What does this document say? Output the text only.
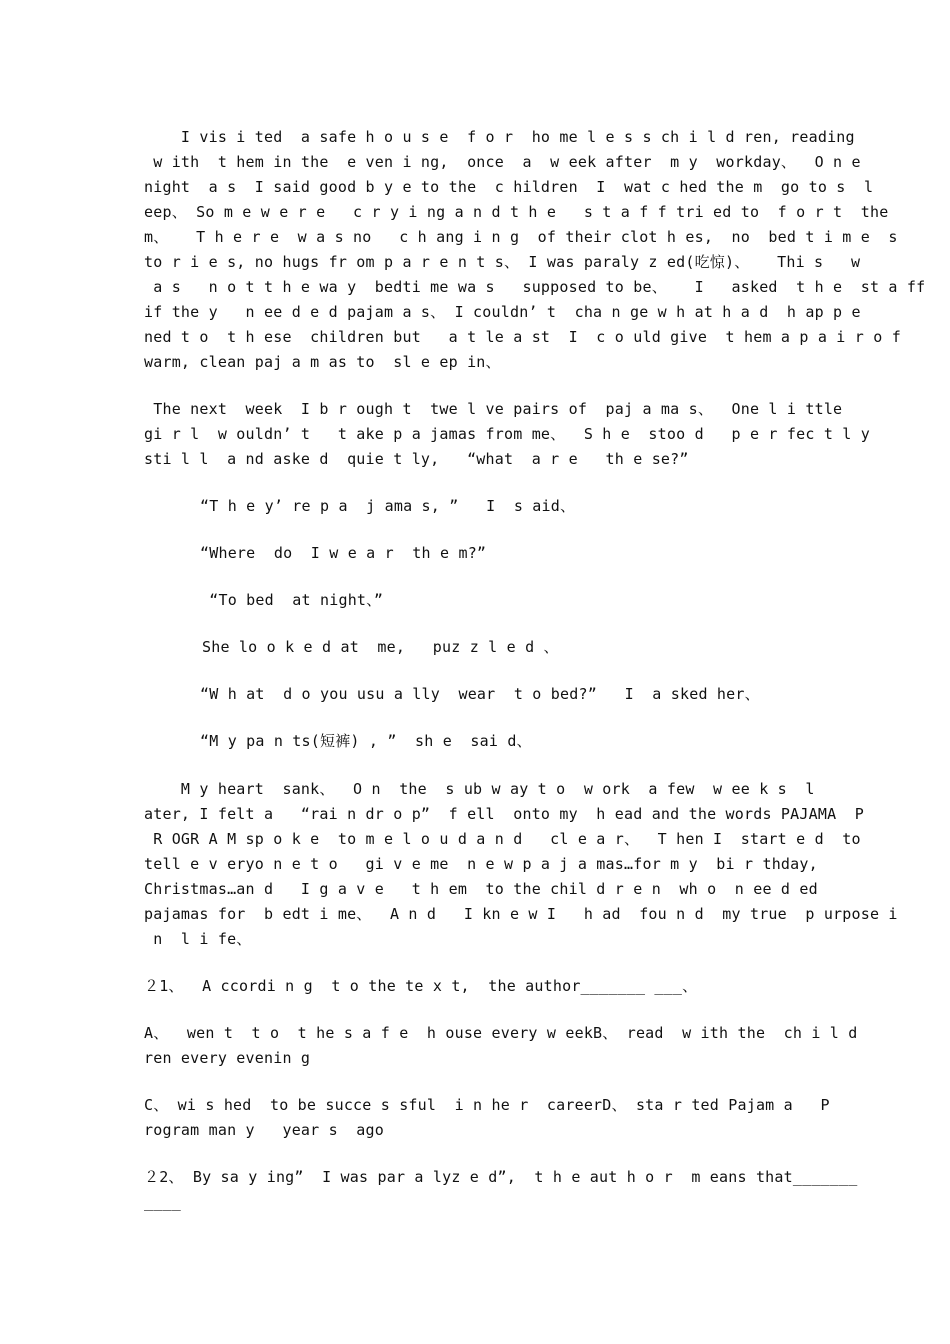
I vis i ted  a safe h o u s e  f o r  ho me l e s s ch i l d ren, reading
w ith  t hem in the  e ven i ng,  once  a  w eek after  m y  workday、  O n e
night  a s  I said good b y e to the  c hildren  I  wat c hed the m  go to s  l
eep、 So m e w e r e   c r y i ng a n d t h e   s t a f f tri ed to  f o r t  the
m、   T h e r e  w a s no   c h ang i n g  of their clot h es,  no  bed t i m e  s
to r i e s, no hugs fr om p a r e n t s、 I was paraly z ed(吃惊)、   Thi s   w
a s   n o t t h e wa y  bedti me wa s   supposed to be、   I   asked  t h e  st a ff
if the y   n ee d e d pajam a s、 I couldn’ t  cha n ge w h at h a d  h ap p e
ned t o  t h ese  children but   a t le a st  I  c o uld give  t hem a p a i r o f
warm, clean paj a m as to  sl e ep in、
The next  week  I b r ough t  twe l ve pairs of  paj a ma s、  One l i ttle
gi r l  w ouldn’ t   t ake p a jamas from me、  S h e  stoo d   p e r fec t l y
sti l l  a nd aske d  quie t ly,   “what  a r e   th e se?”
“T h e y’ re p a  j ama s, ”   I  s aid、
“Where  do  I w e a r  th e m?”
“To bed  at night、”
She lo o k e d at  me,   puz z l e d 、
“W h at  d o you usu a lly  wear  t o bed?”   I  a sked her、
“M y pa n ts(短裤) , ”  sh e  sai d、
M y heart  sank、  O n  the  s ub w ay t o  w ork  a few  w ee k s  l
ater, I felt a   “rai n dr o p”  f ell  onto my  h ead and the words PAJAMA  P
R OGR A M sp o k e  to m e l o u d a n d   cl e a r、  T hen I  start e d  to
tell e v eryo n e t o   gi v e me  n e w p a j a mas…for m y  bi r thday,
Christmas…an d   I g a v e   t h em  to the chil d r e n  wh o  n ee d ed
pajamas for  b edt i me、  A n d   I kn e w I   h ad  fou n d  my true  p urpose i
n  l i fe、
２1、  A ccordi n g  t o the te x t,  the author_______ ___、
A、  wen t  t o  t he s a f e  h ouse every w eekB、 read  w ith the  ch i l d
ren every evenin g
C、 wi s hed  to be succe s sful  i n he r  careerD、 sta r ted Pajam a   P
rogram man y   year s  ago
２2、 By sa y ing”  I was par a lyz e d”,  t h e aut h o r  m eans that_______
____
